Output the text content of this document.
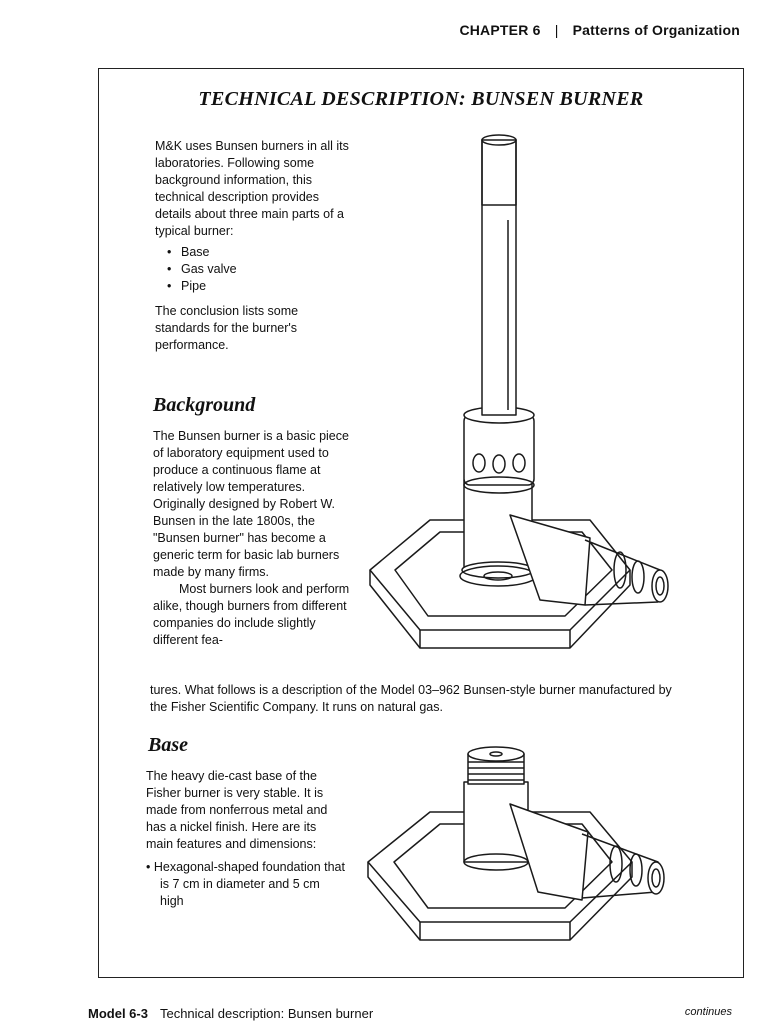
CHAPTER 6 | Patterns of Organization
TECHNICAL DESCRIPTION: BUNSEN BURNER

M&K uses Bunsen burners in all its laboratories. Following some background information, this technical description provides details about three main parts of a typical burner:

• Base
• Gas valve
• Pipe

The conclusion lists some standards for the burner's performance.

Background

The Bunsen burner is a basic piece of laboratory equipment used to produce a continuous flame at relatively low temperatures. Originally designed by Robert W. Bunsen in the late 1800s, the "Bunsen burner" has become a generic term for basic lab burners made by many firms.

Most burners look and perform alike, though burners from different companies do include slightly different fea-

tures. What follows is a description of the Model 03–962 Bunsen-style burner manufactured by the Fisher Scientific Company. It runs on natural gas.

Base

The heavy die-cast base of the Fisher burner is very stable. It is made from nonferrous metal and has a nickel finish. Here are its main features and dimensions:

• Hexagonal-shaped foundation that is 7 cm in diameter and 5 cm high

Model 6-3 Technical description: Bunsen burner	continues
